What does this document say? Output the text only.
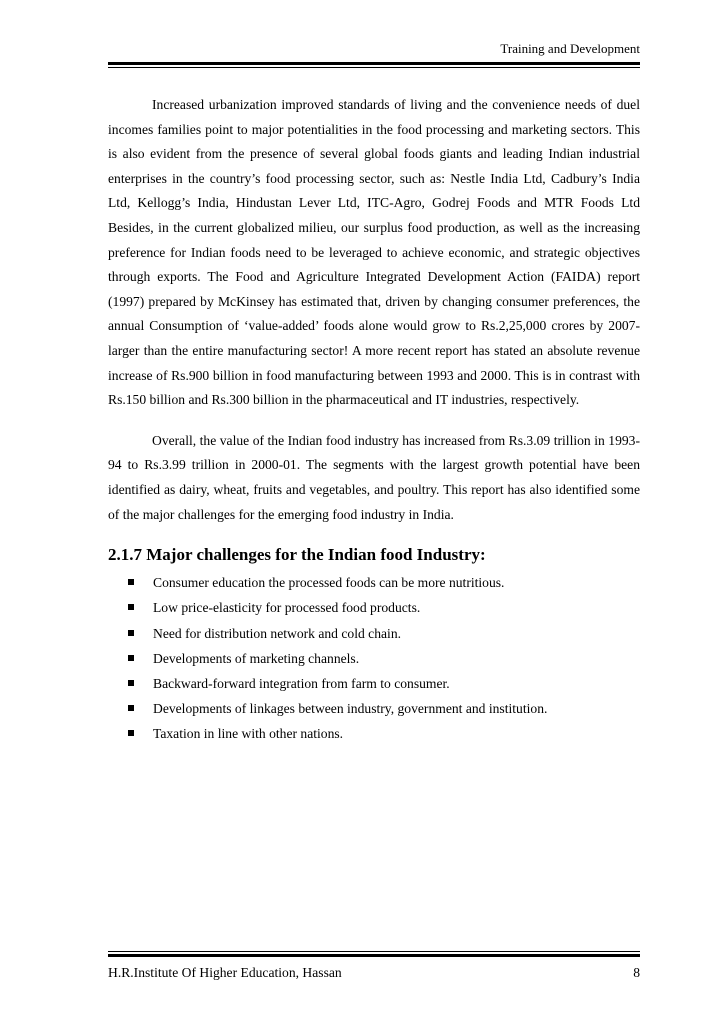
Training and Development

Increased urbanization improved standards of living and the convenience needs of duel incomes families point to major potentialities in the food processing and marketing sectors. This is also evident from the presence of several global foods giants and leading Indian industrial enterprises in the country’s food processing sector, such as: Nestle India Ltd, Cadbury’s India Ltd, Kellogg’s India, Hindustan Lever Ltd, ITC-Agro, Godrej Foods and MTR Foods Ltd Besides, in the current globalized milieu, our surplus food production, as well as the increasing preference for Indian foods need to be leveraged to achieve economic, and strategic objectives through exports. The Food and Agriculture Integrated Development Action (FAIDA) report (1997) prepared by McKinsey has estimated that, driven by changing consumer preferences, the annual Consumption of ‘value-added’ foods alone would grow to Rs.2,25,000 crores by 2007-larger than the entire manufacturing sector! A more recent report has stated an absolute revenue increase of Rs.900 billion in food manufacturing between 1993 and 2000. This is in contrast with Rs.150 billion and Rs.300 billion in the pharmaceutical and IT industries, respectively.

Overall, the value of the Indian food industry has increased from Rs.3.09 trillion in 1993-94 to Rs.3.99 trillion in 2000-01. The segments with the largest growth potential have been identified as dairy, wheat, fruits and vegetables, and poultry. This report has also identified some of the major challenges for the emerging food industry in India.

2.1.7 Major challenges for the Indian food Industry:
Consumer education the processed foods can be more nutritious.
Low price-elasticity for processed food products.
Need for distribution network and cold chain.
Developments of marketing channels.
Backward-forward integration from farm to consumer.
Developments of linkages between industry, government and institution.
Taxation in line with other nations.
H.R.Institute Of Higher Education, Hassan	8
